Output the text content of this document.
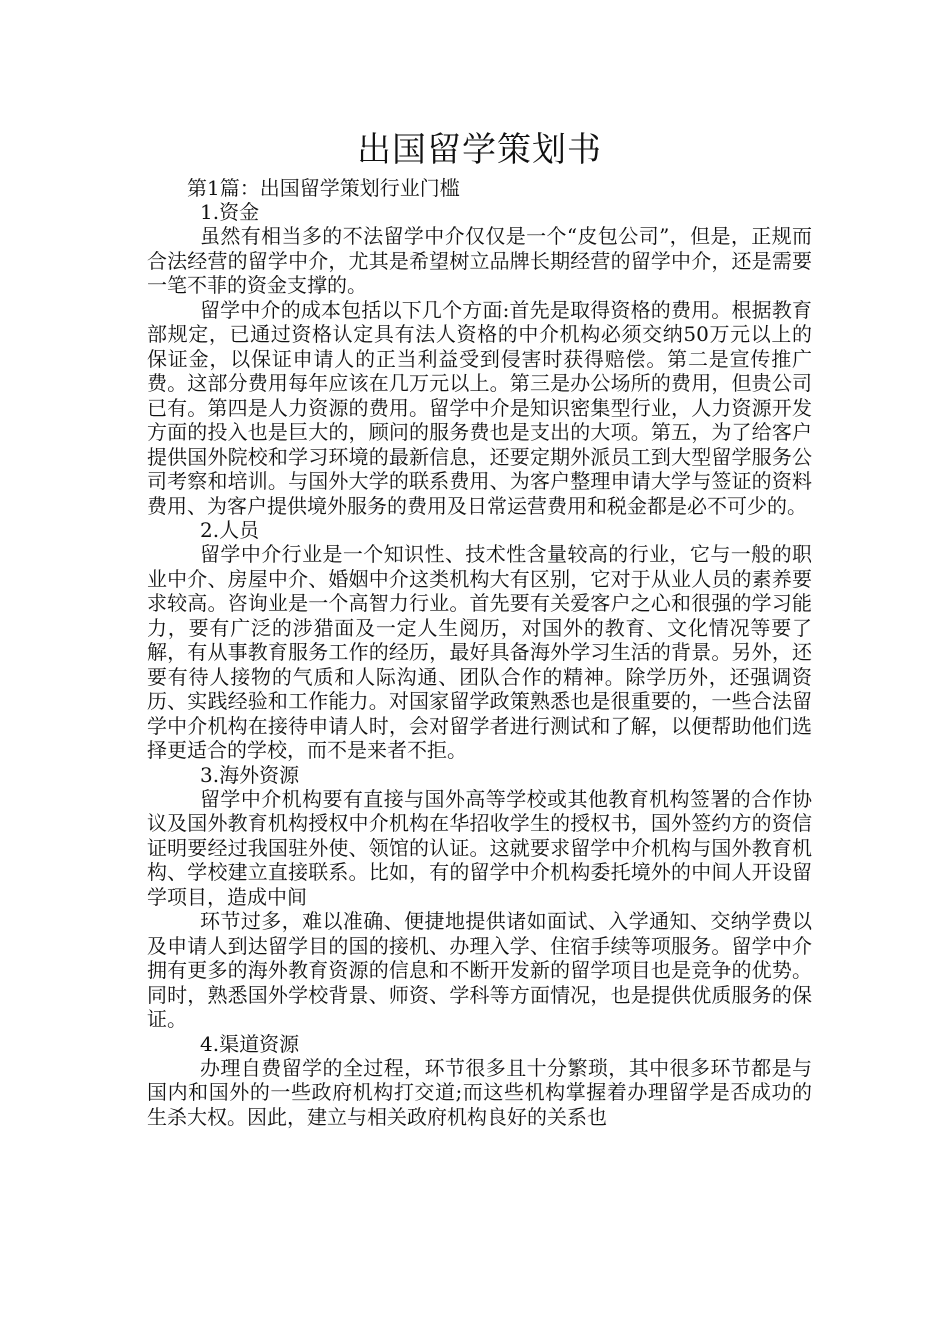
出国留学策划书
第1篇：出国留学策划行业门槛
1.资金

虽然有相当多的不法留学中介仅仅是一个“皮包公司”，但是，正规而合法经营的留学中介，尤其是希望树立品牌长期经营的留学中介，还是需要一笔不菲的资金支撑的。

留学中介的成本包括以下几个方面:首先是取得资格的费用。根据教育部规定，已通过资格认定具有法人资格的中介机构必须交纳50万元以上的保证金，以保证申请人的正当利益受到侵害时获得赔偿。第二是宣传推广费。这部分费用每年应该在几万元以上。第三是办公场所的费用，但贵公司已有。第四是人力资源的费用。留学中介是知识密集型行业，人力资源开发方面的投入也是巨大的，顾问的服务费也是支出的大项。第五，为了给客户提供国外院校和学习环境的最新信息，还要定期外派员工到大型留学服务公司考察和培训。与国外大学的联系费用、为客户整理申请大学与签证的资料费用、为客户提供境外服务的费用及日常运营费用和税金都是必不可少的。

2.人员

留学中介行业是一个知识性、技术性含量较高的行业，它与一般的职业中介、房屋中介、婚姻中介这类机构大有区别，它对于从业人员的素养要求较高。咨询业是一个高智力行业。首先要有关爱客户之心和很强的学习能力，要有广泛的涉猎面及一定人生阅历，对国外的教育、文化情况等要了解，有从事教育服务工作的经历，最好具备海外学习生活的背景。另外，还要有待人接物的气质和人际沟通、团队合作的精神。除学历外，还强调资历、实践经验和工作能力。对国家留学政策熟悉也是很重要的，一些合法留学中介机构在接待申请人时，会对留学者进行测试和了解，以便帮助他们选择更适合的学校，而不是来者不拒。

3.海外资源

留学中介机构要有直接与国外高等学校或其他教育机构签署的合作协议及国外教育机构授权中介机构在华招收学生的授权书，国外签约方的资信证明要经过我国驻外使、领馆的认证。这就要求留学中介机构与国外教育机构、学校建立直接联系。比如，有的留学中介机构委托境外的中间人开设留学项目，造成中间

环节过多，难以准确、便捷地提供诸如面试、入学通知、交纳学费以及申请人到达留学目的国的接机、办理入学、住宿手续等项服务。留学中介拥有更多的海外教育资源的信息和不断开发新的留学项目也是竞争的优势。同时，熟悉国外学校背景、师资、学科等方面情况，也是提供优质服务的保证。

4.渠道资源

办理自费留学的全过程，环节很多且十分繁琐，其中很多环节都是与国内和国外的一些政府机构打交道;而这些机构掌握着办理留学是否成功的生杀大权。因此，建立与相关政府机构良好的关系也
